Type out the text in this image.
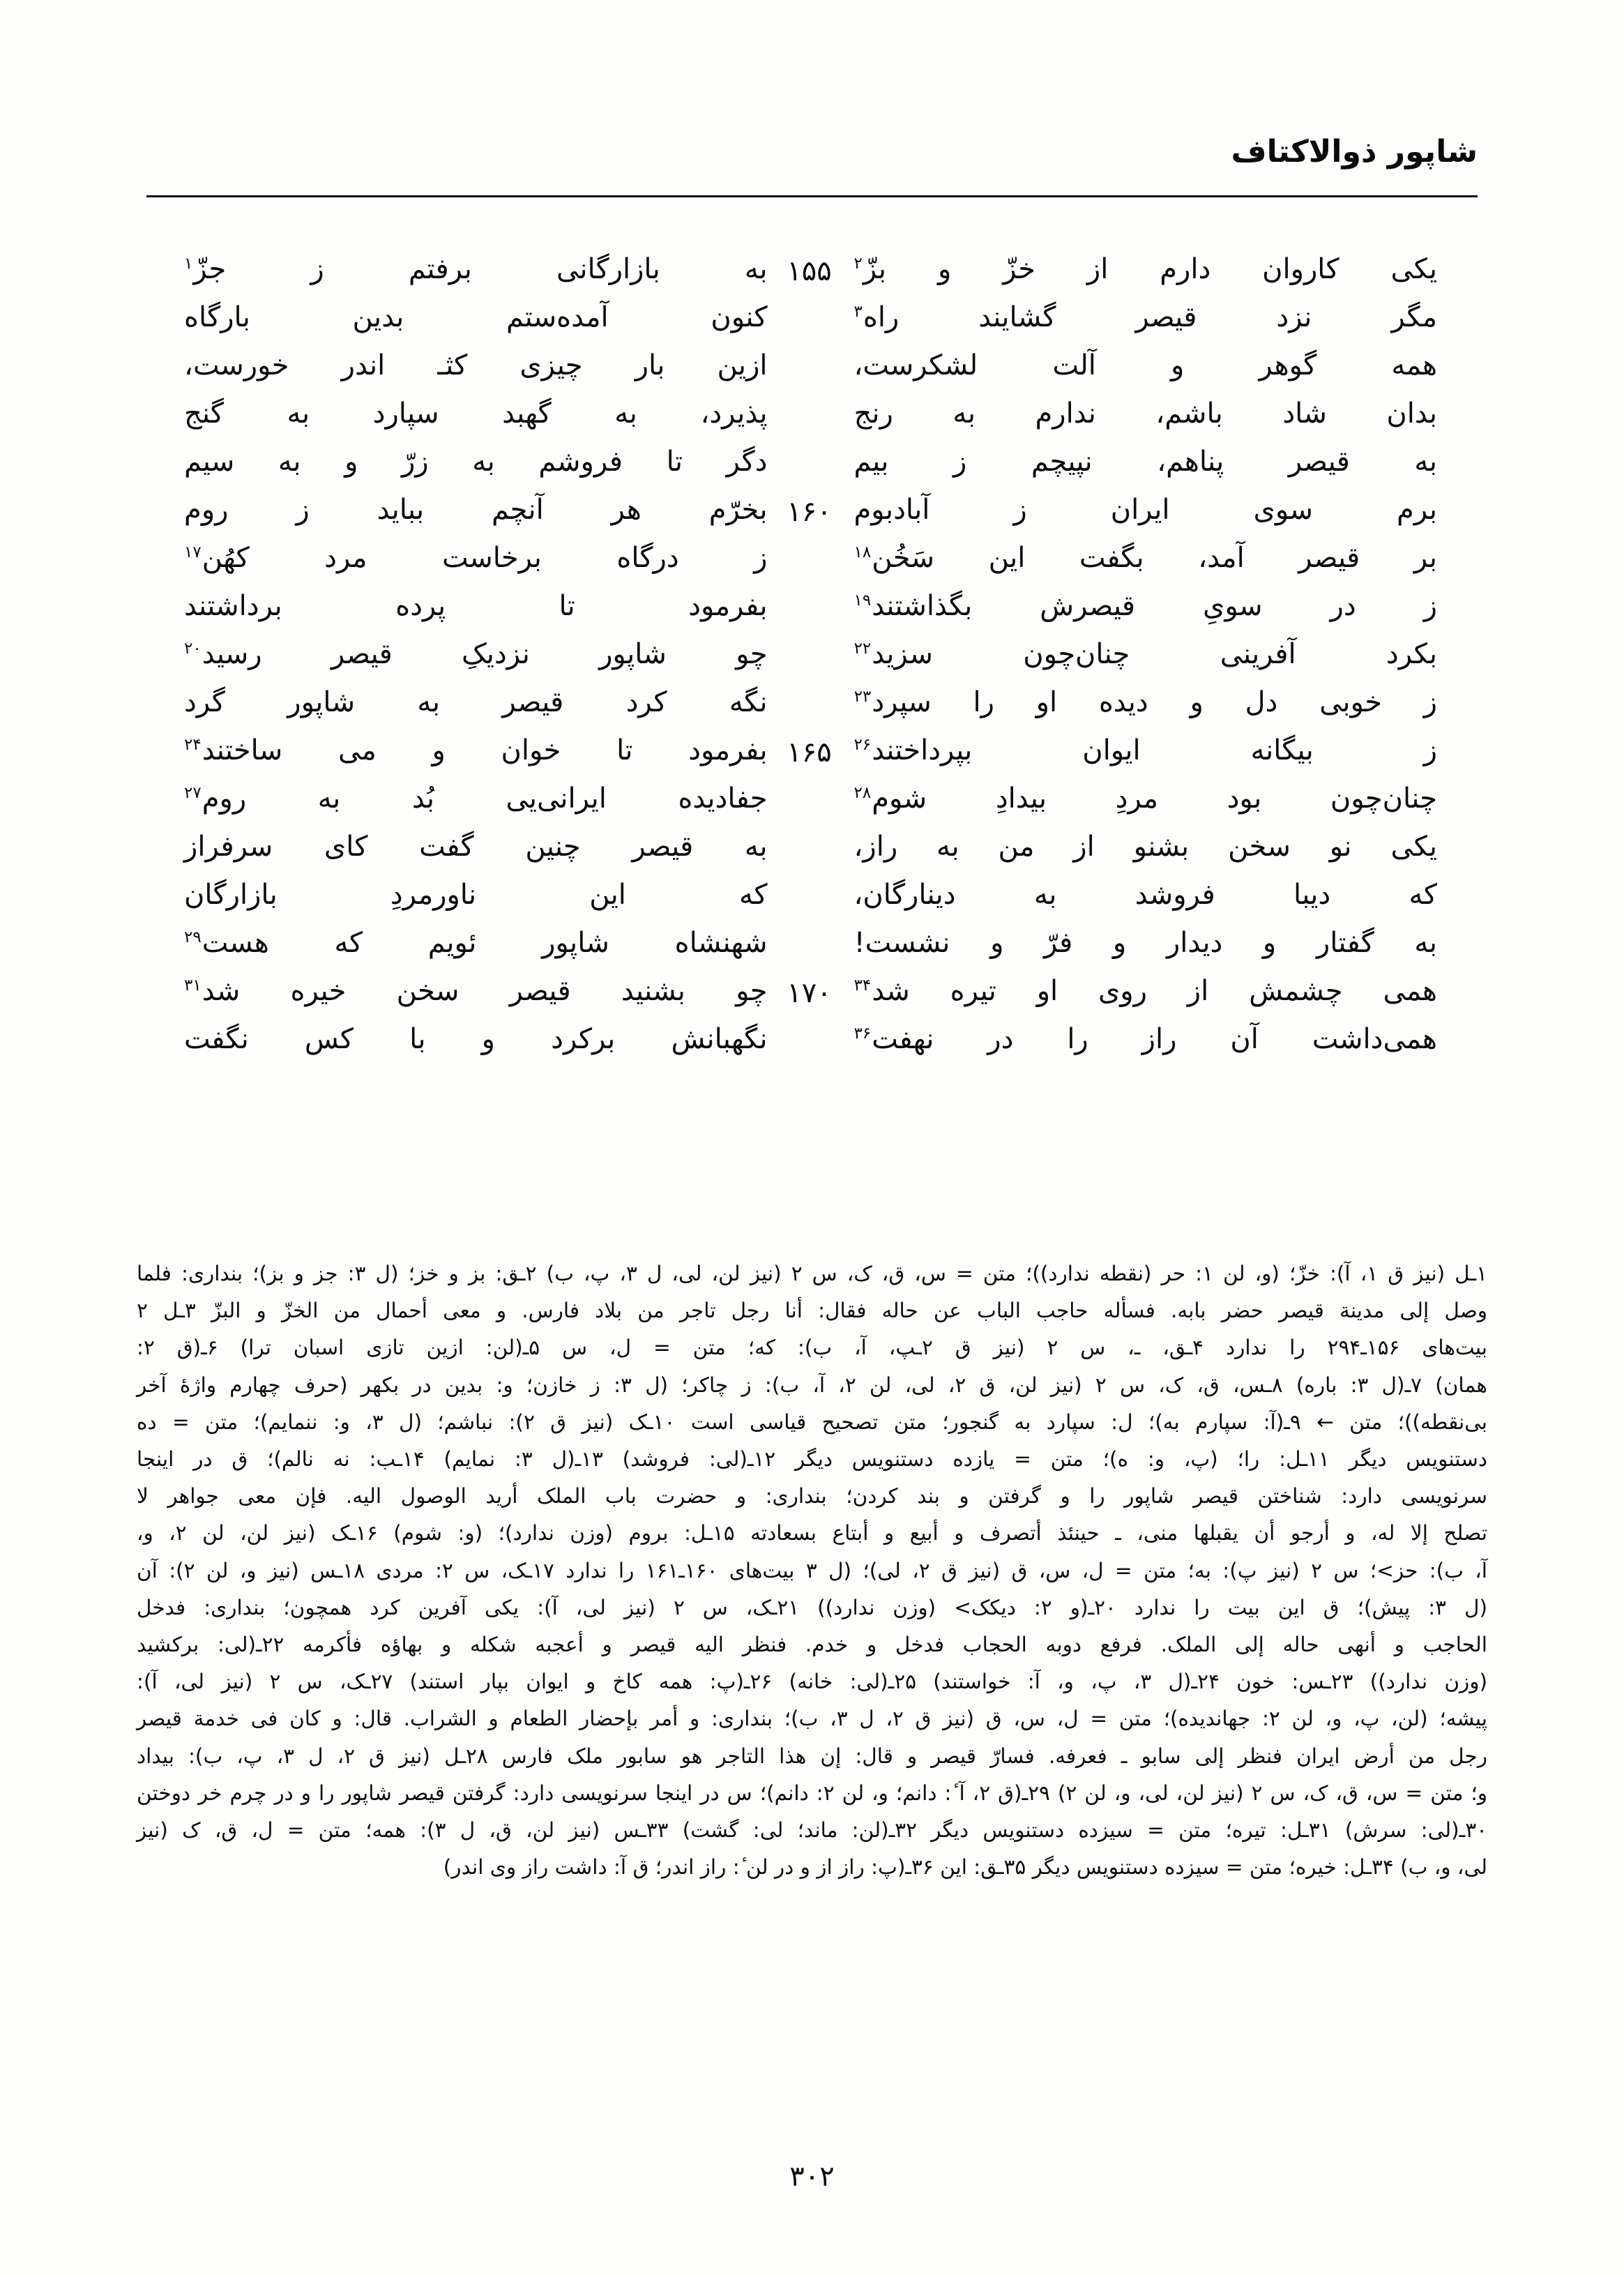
شاپور ذوالاکتاف
یکی
کاروان
دارم
از
خزّ
و
بزّ$^۲$
۱۵۵
به
بازارگانی
برفتم
ز
جزّ$^۱$
مگر
نزد
قیصر
گشایند
راه$^۳$
کنون
آمده‌ستم
بدین
بارگاه
همه
گوهر
و
آلت
لشکرست،
ازین
بار
چیزی
کثـ
اندر
خورست،
بدان
شاد
باشم،
ندارم
به
رنج
پذیرد،
به
گهبد
سپارد
به
گنج
به
قیصر
پناهم،
نپیچم
ز
بیم
دگر
تا
فروشم
به
زرّ
و
به
سیم
برم
سوی
ایران
ز
آبادبوم
۱۶۰
بخرّم
هر
آنچم
بباید
ز
روم
بر
قیصر
آمد،
بگفت
این
سَخُن$^{۱۸}$
ز
درگاه
برخاست
مرد
کهُن$^{۱۷}$
ز
در
سویِ
قیصرش
بگذاشتند$^{۱۹}$
بفرمود
تا
پرده
برداشتند
بکرد
آفرینی
چنان‌چون
سزید$^{۲۲}$
چو
شاپور
نزدیکِ
قیصر
رسید$^{۲۰}$
ز
خوبی
دل
و
دیده
او
را
سپرد$^{۲۳}$
نگه
کرد
قیصر
به
شاپور
گرد
ز
بیگانه
ایوان
بپرداختند$^{۲۶}$
۱۶۵
بفرمود
تا
خوان
و
می
ساختند$^{۲۴}$
چنان‌چون
بود
مردِ
بیدادِ
شوم$^{۲۸}$
جفادیده
ایرانی‌یی
بُد
به
روم$^{۲۷}$
یکی
نو
سخن
بشنو
از
من
به
راز،
به
قیصر
چنین
گفت
کای
سرفراز
که
دیبا
فروشد
به
دینارگان،
که
این
ناورمردِ
بازارگان
به
گفتار
و
دیدار
و
فرّ
و
نشست!
شهنشاه
شاپور
ئویم
که
هست$^{۲۹}$
همی
چشمش
از
روی
او
تیره
شد$^{۳۴}$
۱۷۰
چو
بشنید
قیصر
سخن
خیره
شد$^{۳۱}$
همی‌داشت
آن
راز
را
در
نهفت$^{۳۶}$
نگهبانش
برکرد
و
با
کس
نگفت

۱ـل (نیز ق ۱، آ): خزّ؛ (و، لن ۱: حر (نقطه ندارد))؛ متن = س، ق، ک، س ۲ (نیز لن، لی، ل ۳، پ، ب) ۲ـق: بز و خز؛ (ل ۳: جز و بز)؛ بنداری: فلما

وصل إلی مدینة قیصر حضر بابه. فسأله حاجب الباب عن حاله فقال: أنا رجل تاجر من بلاد فارس. و معی أحمال من الخزّ و البزّ ۳ـل ۲

بیت‌های ۱۵۶ـ۲۹۴ را ندارد ۴ـق، ـ، س ۲ (نیز ق ۲ـپ، آ، ب): که؛ متن = ل، س ۵ـ(لن: ازین تازی اسبان ترا) ۶ـ(ق ۲:

همان) ۷ـ(ل ۳: باره) ۸ـس، ق، ک، س ۲ (نیز لن، ق ۲، لی، لن ۲، آ، ب): ز چاکر؛ (ل ۳: ز خازن؛ و: بدین در بکهر (حرف چهارم واژهٔ آخر

بی‌نقطه))؛ متن ← ۹ـ(آ: سپارم به)؛ ل: سپارد به گنجور؛ متن تصحیح قیاسی است ۱۰ـک (نیز ق ۲): نباشم؛ (ل ۳، و: ننمایم)؛ متن = ده

دستنویس دیگر ۱۱ـل: را؛ (پ، و: ه)؛ متن = یازده دستنویس دیگر ۱۲ـ(لی: فروشد) ۱۳ـ(ل ۳: نمایم) ۱۴ـب: نه نالم)؛ ق در اینجا

سرنویسی دارد: شناختن قیصر شاپور را و گرفتن و بند کردن؛ بنداری: و حضرت باب الملک أرید الوصول الیه. فإن معی جواهر لا

تصلح إلا له، و أرجو أن یقبلها منی، ـ حینئذ أتصرف و أبیع و أبتاع بسعادته ۱۵ـل: بروم (وزن ندارد)؛ (و: شوم) ۱۶ـک (نیز لن، لن ۲، و،

آ، ب): حز>؛ س ۲ (نیز پ): به؛ متن = ل، س، ق (نیز ق ۲، لی)؛ (ل ۳ بیت‌های ۱۶۰ـ۱۶۱ را ندارد ۱۷ـک، س ۲: مردی ۱۸ـس (نیز و، لن ۲): آن

(ل ۳: پیش)؛ ق این بیت را ندارد ۲۰ـ(و ۲: دیکک> (وزن ندارد)) ۲۱ـک، س ۲ (نیز لی، آ): یکی آفرین کرد همچون؛ بنداری: فدخل

الحاجب و أنهی حاله إلی الملک. فرفع دوبه الحجاب فدخل و خدم. فنظر الیه قیصر و أعجبه شکله و بهاؤه فأکرمه ۲۲ـ(لی: برکشید

(وزن ندارد)) ۲۳ـس: خون ۲۴ـ(ل ۳، پ، و، آ: خواستند) ۲۵ـ(لی: خانه) ۲۶ـ(پ: همه کاخ و ایوان بپار استند) ۲۷ـک، س ۲ (نیز لی، آ):

پیشه؛ (لن، پ، و، لن ۲: جهاندیده)؛ متن = ل، س، ق (نیز ق ۲، ل ۳، ب)؛ بنداری: و أمر بإحضار الطعام و الشراب. قال: و کان فی خدمة قیصر

رجل من أرض ایران فنظر إلی سابو ـ فعرفه. فسارّ قیصر و قال: إن هذا التاجر هو سابور ملک فارس ۲۸ـل (نیز ق ۲، ل ۳، پ، ب): بیداد

و؛ متن = س، ق، ک، س ۲ (نیز لن، لی، و، لن ۲) ۲۹ـ(ق ۲، آ ٔ: دانم؛ و، لن ۲: دانم)؛ س در اینجا سرنویسی دارد: گرفتن قیصر شاپور را و در چرم خر دوختن

۳۰ـ(لی: سرش) ۳۱ـل: تیره؛ متن = سیزده دستنویس دیگر ۳۲ـ(لن: ماند؛ لی: گشت) ۳۳ـس (نیز لن، ق، ل ۳): همه؛ متن = ل، ق، ک (نیز

لی، و، ب) ۳۴ـل: خیره؛ متن = سیزده دستنویس دیگر ۳۵ـق: این ۳۶ـ(پ: راز از و در لن ٔ: راز اندر؛ ق آ: داشت راز وی اندر)

۳۰۲
